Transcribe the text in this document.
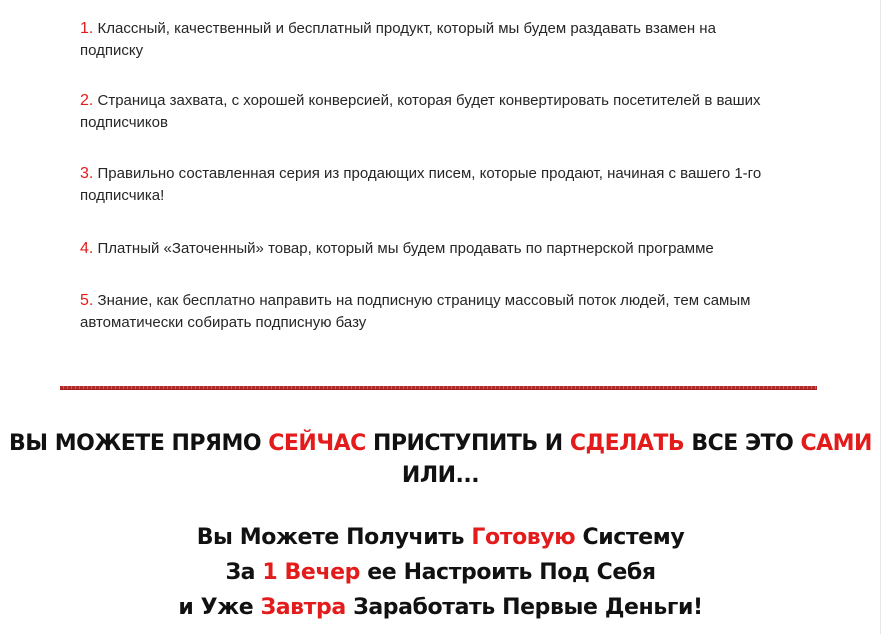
1. Классный, качественный и бесплатный продукт, который мы будем раздавать взамен на
подписку
2. Страница захвата, с хорошей конверсией, которая будет конвертировать посетителей в ваших
подписчиков
3. Правильно составленная серия из продающих писем, которые продают, начиная с вашего 1-го
подписчика!
4. Платный «Заточенный» товар, который мы будем продавать по партнерской программе
5. Знание, как бесплатно направить на подписную страницу массовый поток людей, тем самым
автоматически собирать подписную базу
ВЫ МОЖЕТЕ ПРЯМО СЕЙЧАС ПРИСТУПИТЬ И СДЕЛАТЬ ВСЕ ЭТО САМИ
ИЛИ...
Вы Можете Получить Готовую Систему
За 1 Вечер ее Настроить Под Себя
и Уже Завтра Заработать Первые Деньги!
